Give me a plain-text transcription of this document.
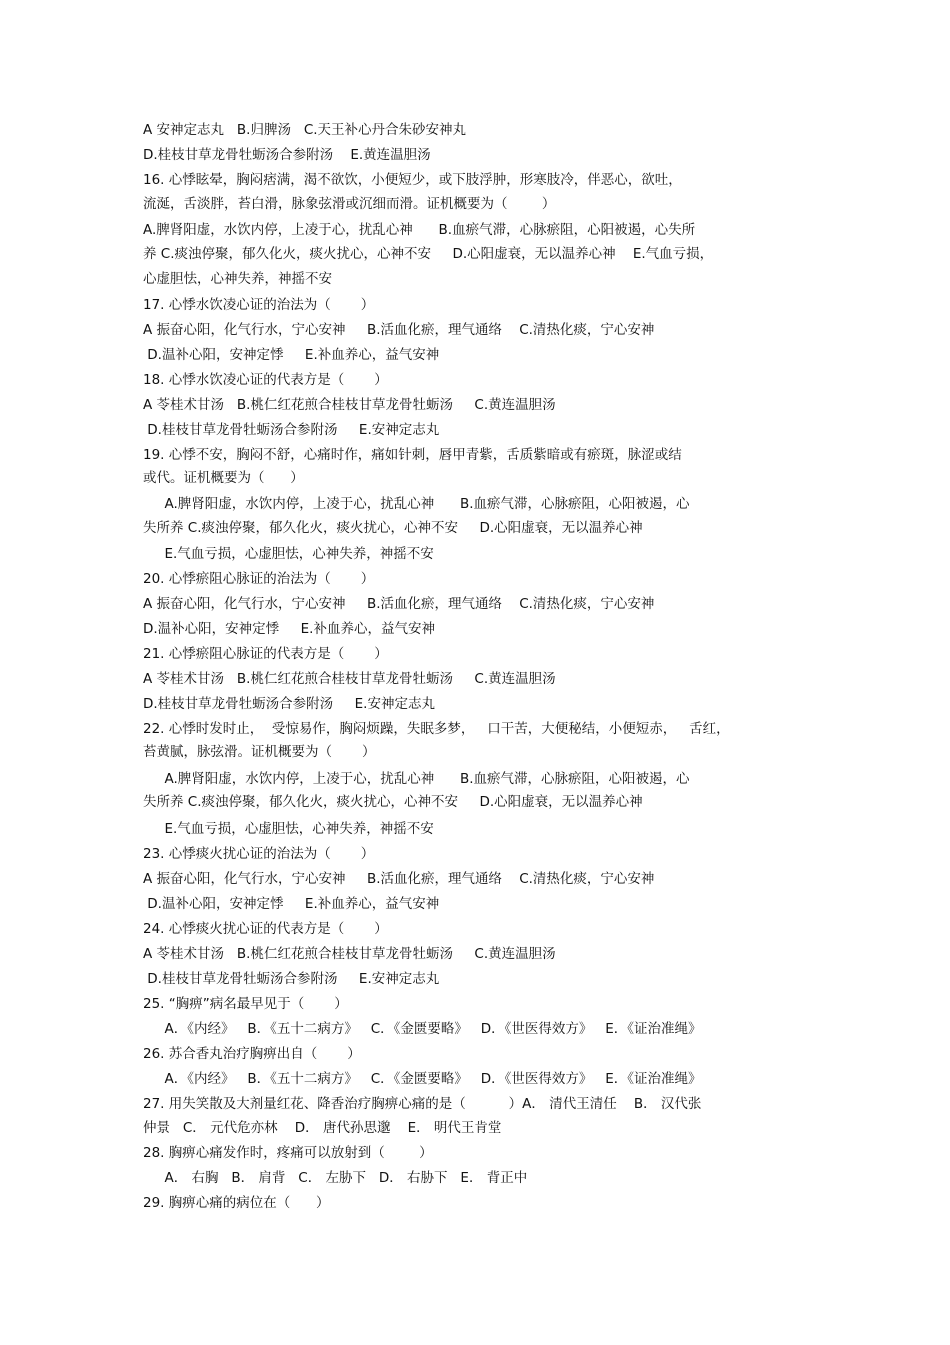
A 安神定志丸   B.归脾汤   C.天王补心丹合朱砂安神丸
D.桂枝甘草龙骨牡蛎汤合参附汤    E.黄连温胆汤
16. 心悸眩晕，胸闷痞满，渴不欲饮，小便短少，或下肢浮肿，形寒肢冷，伴恶心，欲吐，
流涎，舌淡胖，苔白滑，脉象弦滑或沉细而滑。证机概要为（        ）
A.脾肾阳虚，水饮内停，上凌于心，扰乱心神      B.血瘀气滞，心脉瘀阻，心阳被遏，心失所
养 C.痰浊停聚，郁久化火，痰火扰心，心神不安     D.心阳虚衰，无以温养心神    E.气血亏损，
心虚胆怯，心神失养，神摇不安
17. 心悸水饮凌心证的治法为（       ）
A 振奋心阳，化气行水，宁心安神     B.活血化瘀，理气通络    C.清热化痰，宁心安神
D.温补心阳，安神定悸     E.补血养心，益气安神
18. 心悸水饮凌心证的代表方是（       ）
A 苓桂术甘汤   B.桃仁红花煎合桂枝甘草龙骨牡蛎汤     C.黄连温胆汤
D.桂枝甘草龙骨牡蛎汤合参附汤     E.安神定志丸
19. 心悸不安，胸闷不舒，心痛时作，痛如针刺，唇甲青紫，舌质紫暗或有瘀斑，脉涩或结
或代。证机概要为（      ）
A.脾肾阳虚，水饮内停，上凌于心，扰乱心神      B.血瘀气滞，心脉瘀阻，心阳被遏，心
失所养 C.痰浊停聚，郁久化火，痰火扰心，心神不安     D.心阳虚衰，无以温养心神
E.气血亏损，心虚胆怯，心神失养，神摇不安
20. 心悸瘀阻心脉证的治法为（       ）
A 振奋心阳，化气行水，宁心安神     B.活血化瘀，理气通络    C.清热化痰，宁心安神
D.温补心阳，安神定悸     E.补血养心，益气安神
21. 心悸瘀阻心脉证的代表方是（       ）
A 苓桂术甘汤   B.桃仁红花煎合桂枝甘草龙骨牡蛎汤     C.黄连温胆汤
D.桂枝甘草龙骨牡蛎汤合参附汤     E.安神定志丸
22. 心悸时发时止，  受惊易作，胸闷烦躁，失眠多梦，   口干苦，大便秘结，小便短赤，   舌红，
苔黄腻，脉弦滑。证机概要为（       ）
A.脾肾阳虚，水饮内停，上凌于心，扰乱心神      B.血瘀气滞，心脉瘀阻，心阳被遏，心
失所养 C.痰浊停聚，郁久化火，痰火扰心，心神不安     D.心阳虚衰，无以温养心神
E.气血亏损，心虚胆怯，心神失养，神摇不安
23. 心悸痰火扰心证的治法为（       ）
A 振奋心阳，化气行水，宁心安神     B.活血化瘀，理气通络    C.清热化痰，宁心安神
D.温补心阳，安神定悸     E.补血养心，益气安神
24. 心悸痰火扰心证的代表方是（       ）
A 苓桂术甘汤   B.桃仁红花煎合桂枝甘草龙骨牡蛎汤     C.黄连温胆汤
D.桂枝甘草龙骨牡蛎汤合参附汤     E.安神定志丸
25. “胸痹”病名最早见于（       ）
A．《内经》   B．《五十二病方》   C．《金匮要略》   D．《世医得效方》   E．《证治准绳》
26. 苏合香丸治疗胸痹出自（       ）
A．《内经》   B．《五十二病方》   C．《金匮要略》   D．《世医得效方》   E．《证治准绳》
27. 用失笑散及大剂量红花、降香治疗胸痹心痛的是（          ）A． 清代王清任    B． 汉代张
仲景   C． 元代危亦林    D． 唐代孙思邈    E． 明代王肯堂
28. 胸痹心痛发作时，疼痛可以放射到（        ）
A． 右胸   B． 肩背   C． 左胁下   D． 右胁下   E． 背正中
29. 胸痹心痛的病位在（      ）
